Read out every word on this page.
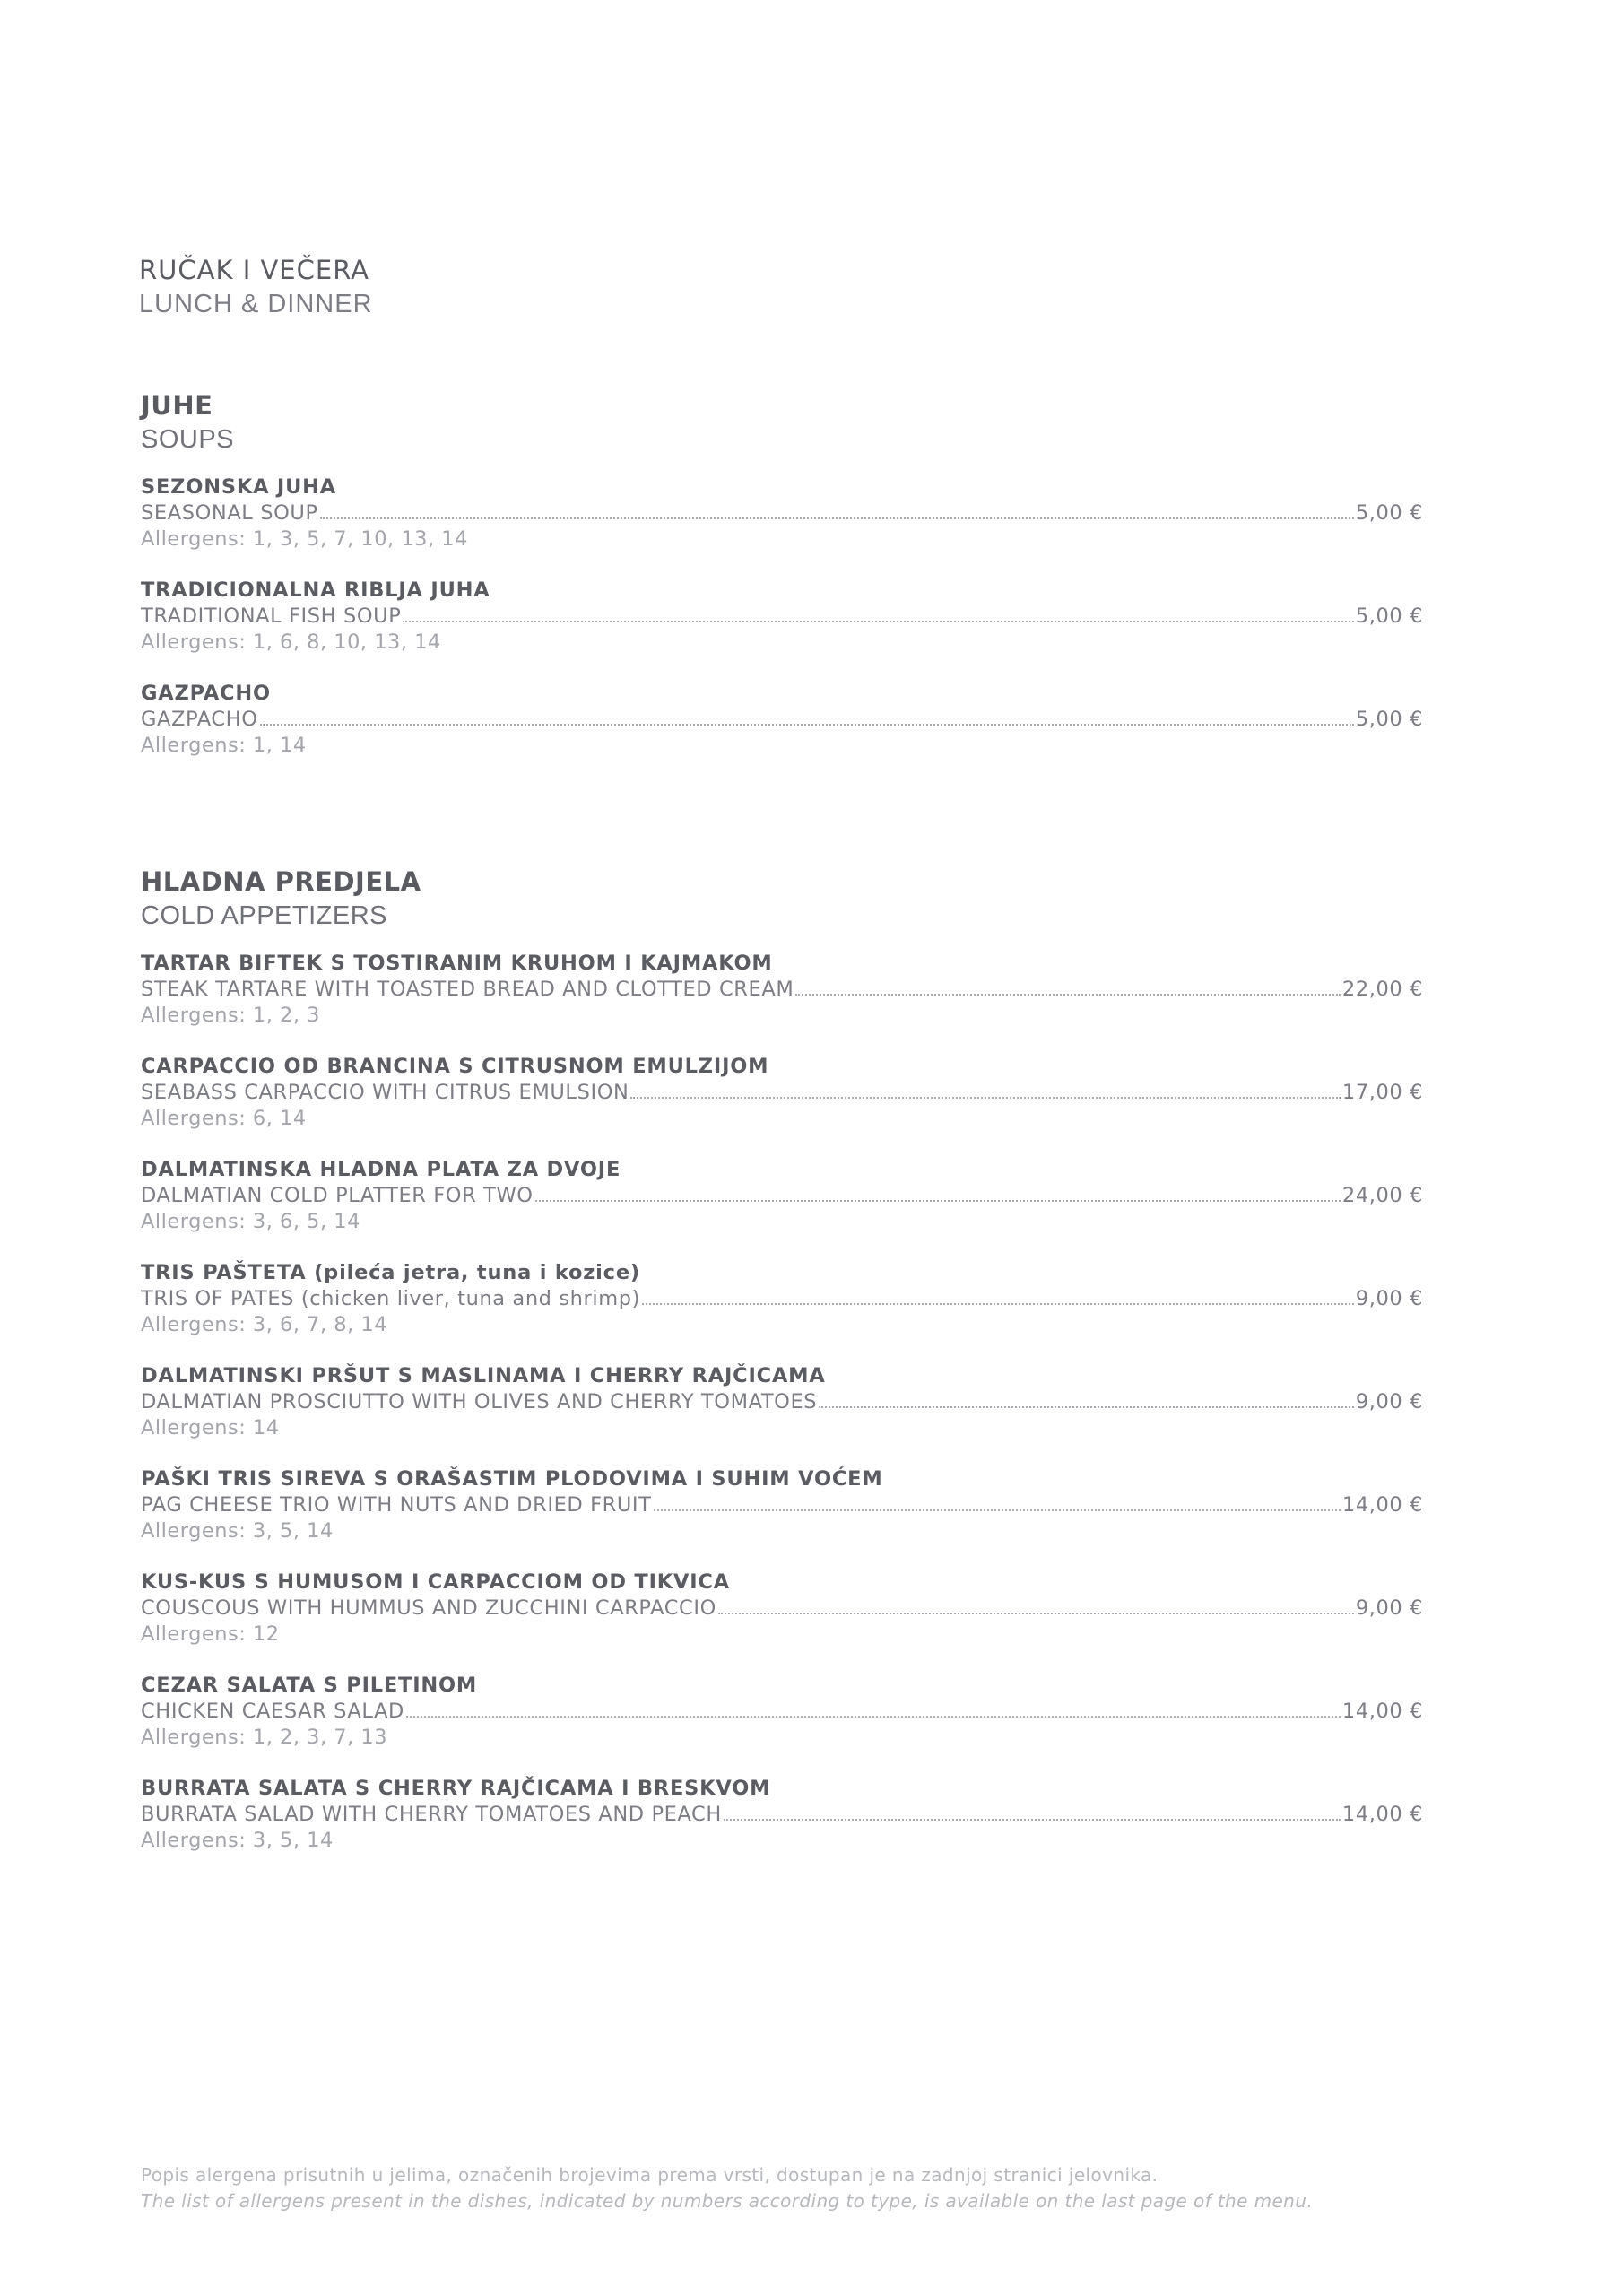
RUČAK I VEČERA
LUNCH & DINNER
JUHE
SOUPS
SEZONSKA JUHA
SEASONAL SOUP	5,00 €
Allergens: 1, 3, 5, 7, 10, 13, 14
TRADICIONALNA RIBLJA JUHA
TRADITIONAL FISH SOUP	5,00 €
Allergens: 1, 6, 8, 10, 13, 14
GAZPACHO
GAZPACHO	5,00 €
Allergens: 1, 14
HLADNA PREDJELA
COLD APPETIZERS
TARTAR BIFTEK S TOSTIRANIM KRUHOM I KAJMAKOM
STEAK TARTARE WITH TOASTED BREAD AND CLOTTED CREAM	22,00 €
Allergens: 1, 2, 3
CARPACCIO OD BRANCINA S CITRUSNOM EMULZIJOM
SEABASS CARPACCIO WITH CITRUS EMULSION	17,00 €
Allergens: 6, 14
DALMATINSKA HLADNA PLATA ZA DVOJE
DALMATIAN COLD PLATTER FOR TWO	24,00 €
Allergens: 3, 6, 5, 14
TRIS PAŠTETA (pileća jetra, tuna i kozice)
TRIS OF PATES (chicken liver, tuna and shrimp)	9,00 €
Allergens: 3, 6, 7, 8, 14
DALMATINSKI PRŠUT S MASLINAMA I CHERRY RAJČICAMA
DALMATIAN PROSCIUTTO WITH OLIVES AND CHERRY TOMATOES	9,00 €
Allergens: 14
PAŠKI TRIS SIREVA S ORAŠASTIM PLODOVIMA I SUHIM VOĆEM
PAG CHEESE TRIO WITH NUTS AND DRIED FRUIT	14,00 €
Allergens: 3, 5, 14
KUS-KUS S HUMUSOM I CARPACCIOM OD TIKVICA
COUSCOUS WITH HUMMUS AND ZUCCHINI CARPACCIO	9,00 €
Allergens: 12
CEZAR SALATA S PILETINOM
CHICKEN CAESAR SALAD	14,00 €
Allergens: 1, 2, 3, 7, 13
BURRATA SALATA S CHERRY RAJČICAMA I BRESKVOM
BURRATA SALAD WITH CHERRY TOMATOES AND PEACH	14,00 €
Allergens: 3, 5, 14
Popis alergena prisutnih u jelima, označenih brojevima prema vrsti, dostupan je na zadnjoj stranici jelovnika.
The list of allergens present in the dishes, indicated by numbers according to type, is available on the last page of the menu.
